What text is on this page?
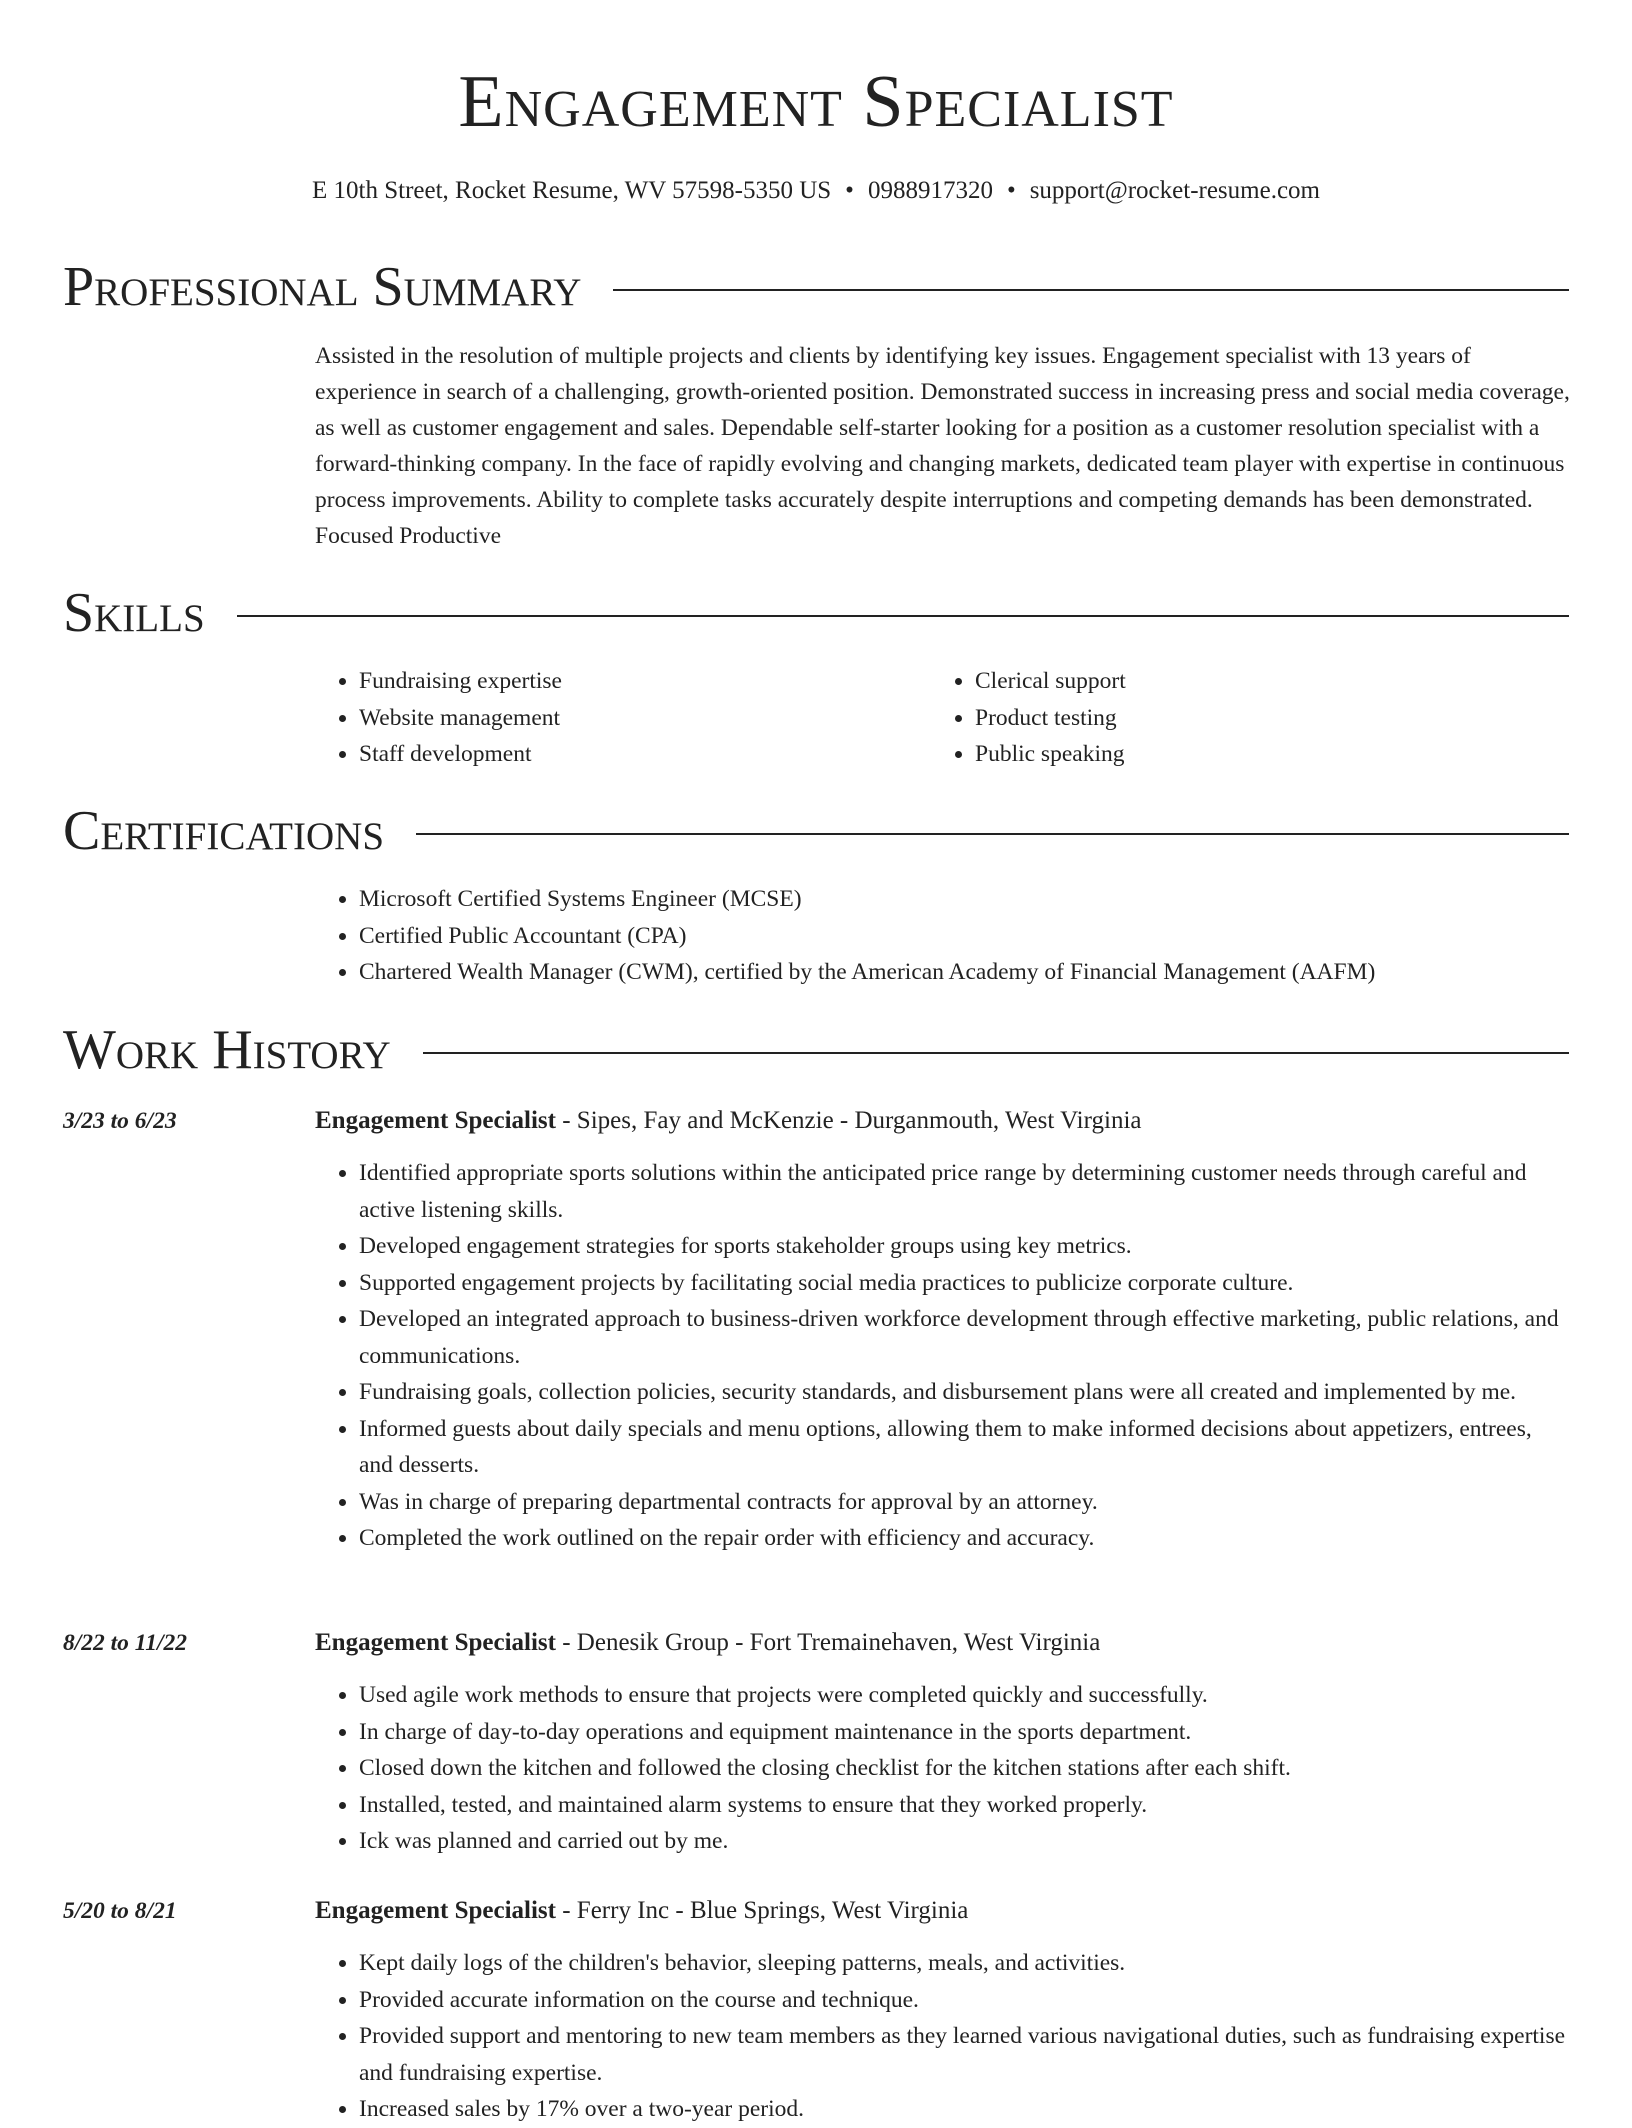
Engagement Specialist
E 10th Street, Rocket Resume, WV 57598-5350 US • 0988917320 • support@rocket-resume.com
Professional Summary
Assisted in the resolution of multiple projects and clients by identifying key issues. Engagement specialist with 13 years of experience in search of a challenging, growth-oriented position. Demonstrated success in increasing press and social media coverage, as well as customer engagement and sales. Dependable self-starter looking for a position as a customer resolution specialist with a forward-thinking company. In the face of rapidly evolving and changing markets, dedicated team player with expertise in continuous process improvements. Ability to complete tasks accurately despite interruptions and competing demands has been demonstrated. Focused Productive
Skills
• Fundraising expertise
• Website management
• Staff development
• Clerical support
• Product testing
• Public speaking
Certifications
• Microsoft Certified Systems Engineer (MCSE)
• Certified Public Accountant (CPA)
• Chartered Wealth Manager (CWM), certified by the American Academy of Financial Management (AAFM)
Work History
3/23 to 6/23	Engagement Specialist - Sipes, Fay and McKenzie - Durganmouth, West Virginia
• Identified appropriate sports solutions within the anticipated price range by determining customer needs through careful and active listening skills.
• Developed engagement strategies for sports stakeholder groups using key metrics.
• Supported engagement projects by facilitating social media practices to publicize corporate culture.
• Developed an integrated approach to business-driven workforce development through effective marketing, public relations, and communications.
• Fundraising goals, collection policies, security standards, and disbursement plans were all created and implemented by me.
• Informed guests about daily specials and menu options, allowing them to make informed decisions about appetizers, entrees, and desserts.
• Was in charge of preparing departmental contracts for approval by an attorney.
• Completed the work outlined on the repair order with efficiency and accuracy.
8/22 to 11/22	Engagement Specialist - Denesik Group - Fort Tremainehaven, West Virginia
• Used agile work methods to ensure that projects were completed quickly and successfully.
• In charge of day-to-day operations and equipment maintenance in the sports department.
• Closed down the kitchen and followed the closing checklist for the kitchen stations after each shift.
• Installed, tested, and maintained alarm systems to ensure that they worked properly.
• Ick was planned and carried out by me.
5/20 to 8/21	Engagement Specialist - Ferry Inc - Blue Springs, West Virginia
• Kept daily logs of the children's behavior, sleeping patterns, meals, and activities.
• Provided accurate information on the course and technique.
• Provided support and mentoring to new team members as they learned various navigational duties, such as fundraising expertise and fundraising expertise.
• Increased sales by 17% over a two-year period.
